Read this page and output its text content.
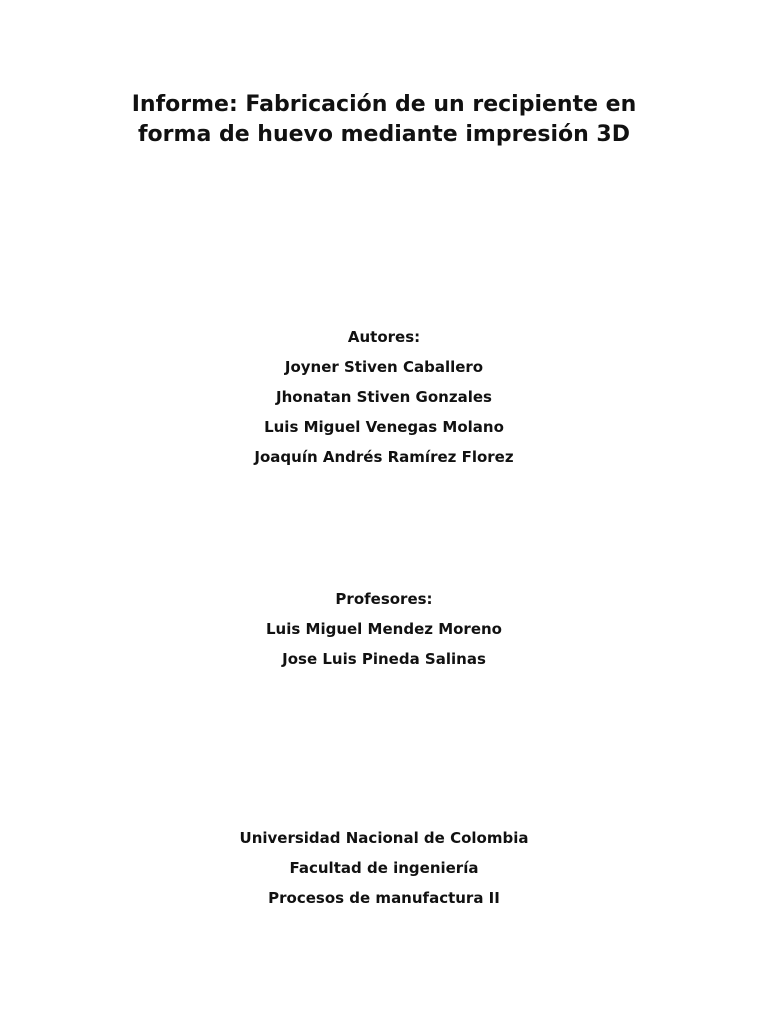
Informe: Fabricación de un recipiente en
forma de huevo mediante impresión 3D
Autores:
Joyner Stiven Caballero
Jhonatan Stiven Gonzales
Luis Miguel Venegas Molano
Joaquín Andrés Ramírez Florez
Profesores:
Luis Miguel Mendez Moreno
Jose Luis Pineda Salinas
Universidad Nacional de Colombia
Facultad de ingeniería
Procesos de manufactura II
